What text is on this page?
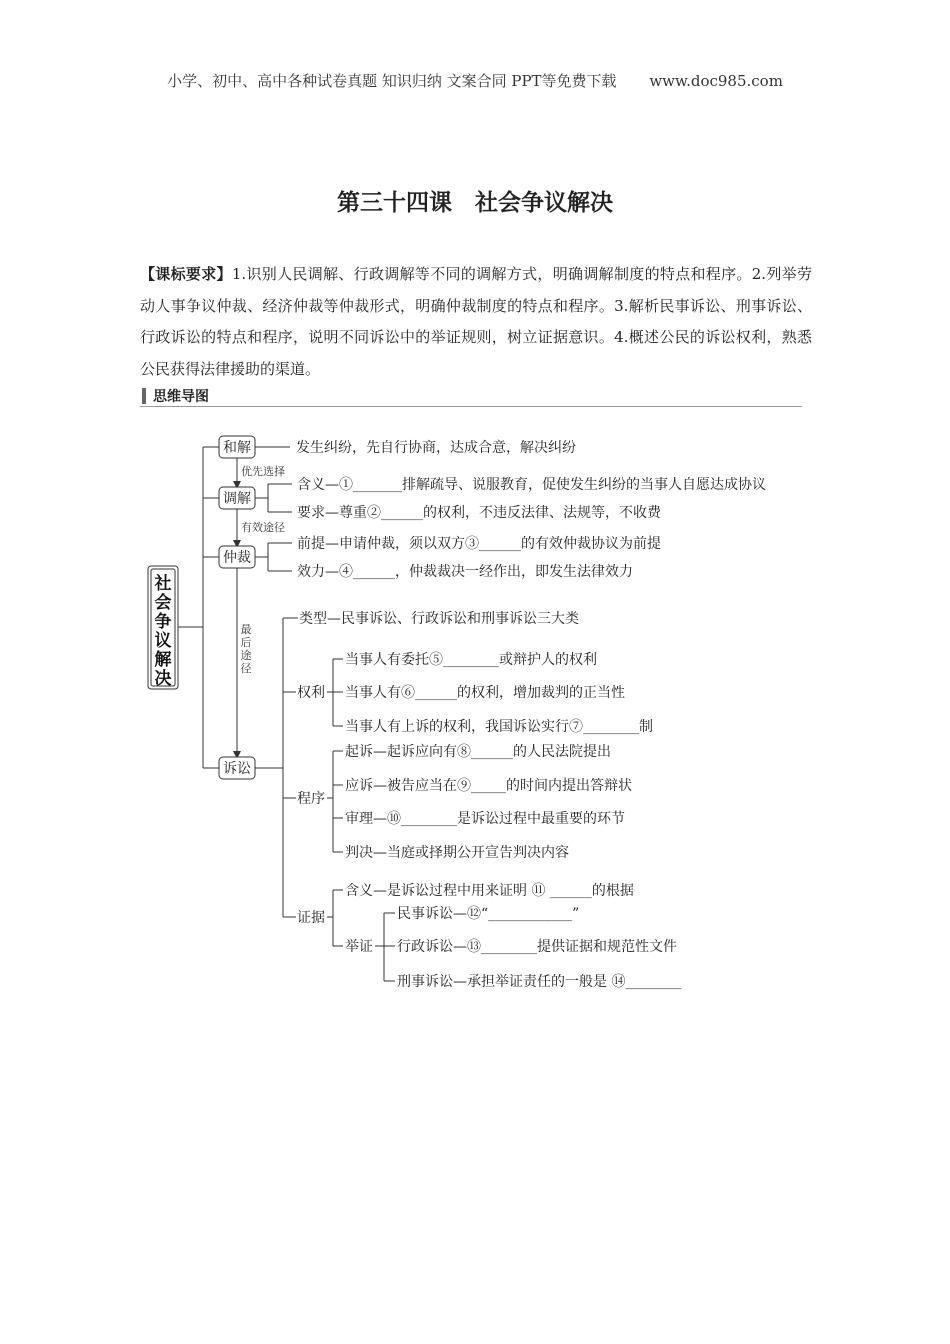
小学、初中、高中各种试卷真题 知识归纳 文案合同 PPT等免费下载 www.doc985.com
第三十四课　社会争议解决
【课标要求】1.识别人民调解、行政调解等不同的调解方式，明确调解制度的特点和程序。2.列举劳动人事争议仲裁、经济仲裁等仲裁形式，明确仲裁制度的特点和程序。3.解析民事诉讼、刑事诉讼、行政诉讼的特点和程序，说明不同诉讼中的举证规则，树立证据意识。4.概述公民的诉讼权利，熟悉公民获得法律援助的渠道。
思维导图
社
会
争
议
解
决
和解	发生纠纷，先自行协商，达成合意，解决纠纷
优先选择
调解
含义—①_______排解疏导、说服教育，促使发生纠纷的当事人自愿达成协议
要求—尊重②______的权利，不违反法律、法规等，不收费
有效途径
仲裁
前提—申请仲裁，须以双方③______的有效仲裁协议为前提
效力—④______，仲裁裁决一经作出，即发生法律效力
最
后
途
径
诉讼
类型—民事诉讼、行政诉讼和刑事诉讼三大类
权利
当事人有委托⑤________或辩护人的权利
当事人有⑥______的权利，增加裁判的正当性
当事人有上诉的权利，我国诉讼实行⑦________制
程序
起诉—起诉应向有⑧______的人民法院提出
应诉—被告应当在⑨_____的时间内提出答辩状
审理—⑩________是诉讼过程中最重要的环节
判决—当庭或择期公开宣告判决内容
证据
含义—是诉讼过程中用来证明 ⑪ ______的根据
举证
民事诉讼—⑫“____________”
行政诉讼—⑬________提供证据和规范性文件
刑事诉讼—承担举证责任的一般是 ⑭________
